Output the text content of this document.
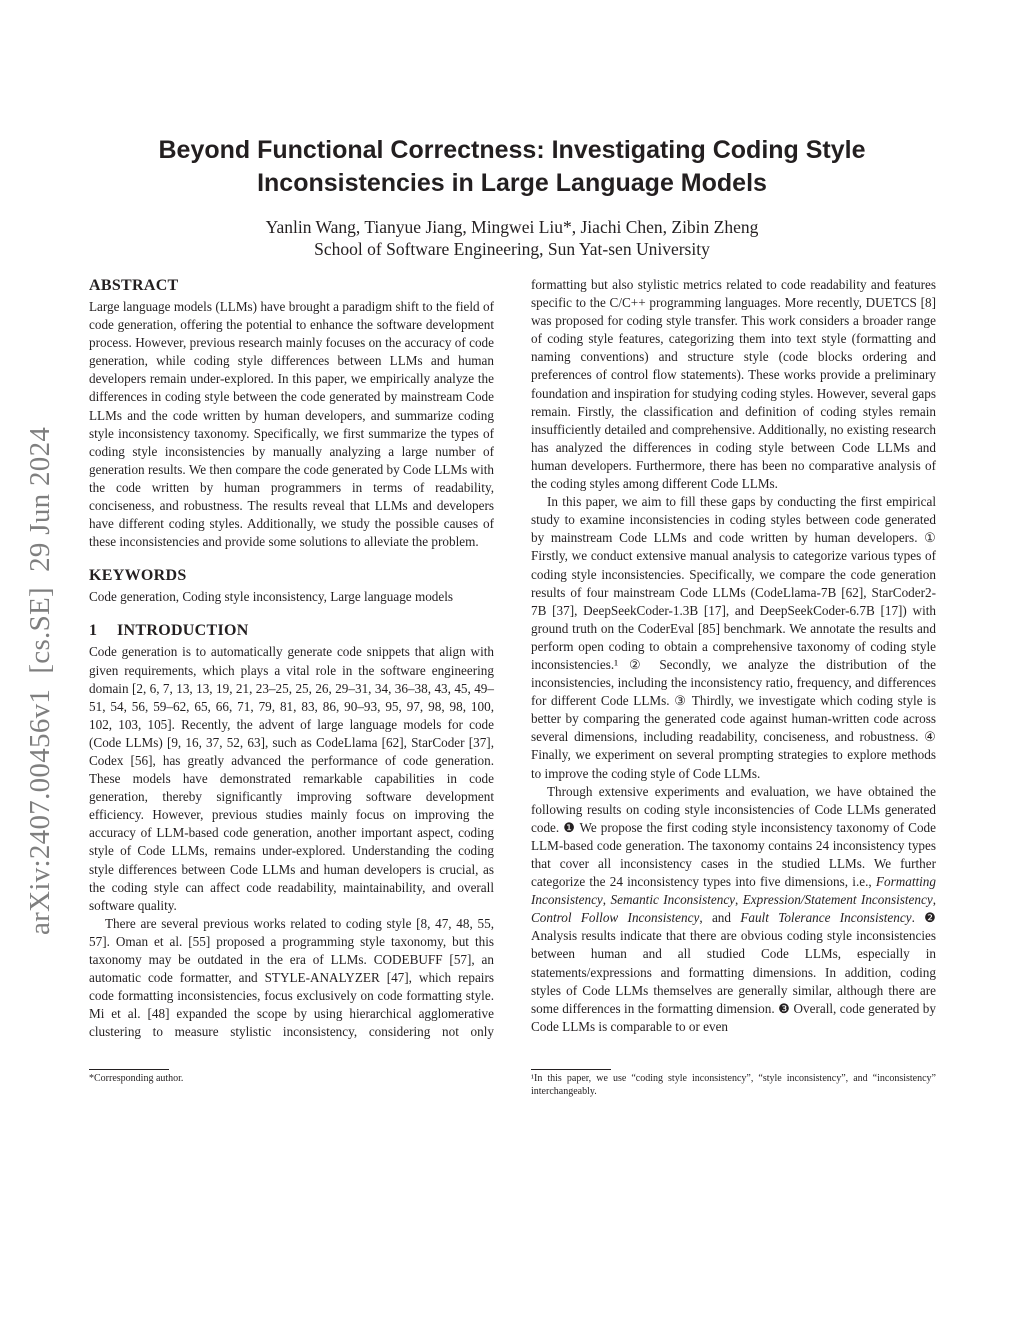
Beyond Functional Correctness: Investigating Coding Style
Inconsistencies in Large Language Models
Yanlin Wang, Tianyue Jiang, Mingwei Liu*, Jiachi Chen, Zibin Zheng
School of Software Engineering, Sun Yat-sen University
arXiv:2407.00456v1  [cs.SE]  29 Jun 2024
ABSTRACT

Large language models (LLMs) have brought a paradigm shift to the field of code generation, offering the potential to enhance the software development process. However, previous research mainly focuses on the accuracy of code generation, while coding style differences between LLMs and human developers remain under-explored. In this paper, we empirically analyze the differences in coding style between the code generated by mainstream Code LLMs and the code written by human developers, and summarize coding style inconsistency taxonomy. Specifically, we first summarize the types of coding style inconsistencies by manually analyzing a large number of generation results. We then compare the code generated by Code LLMs with the code written by human programmers in terms of readability, conciseness, and robustness. The results reveal that LLMs and developers have different coding styles. Additionally, we study the possible causes of these inconsistencies and provide some solutions to alleviate the problem.

KEYWORDS

Code generation, Coding style inconsistency, Large language models

1 INTRODUCTION

Code generation is to automatically generate code snippets that align with given requirements, which plays a vital role in the software engineering domain [2, 6, 7, 13, 13, 19, 21, 23–25, 25, 26, 29–31, 34, 36–38, 43, 45, 49–51, 54, 56, 59–62, 65, 66, 71, 79, 81, 83, 86, 90–93, 95, 97, 98, 98, 100, 102, 103, 105]. Recently, the advent of large language models for code (Code LLMs) [9, 16, 37, 52, 63], such as CodeLlama [62], StarCoder [37], Codex [56], has greatly advanced the performance of code generation. These models have demonstrated remarkable capabilities in code generation, thereby significantly improving software development efficiency. However, previous studies mainly focus on improving the accuracy of LLM-based code generation, another important aspect, coding style of Code LLMs, remains under-explored. Understanding the coding style differences between Code LLMs and human developers is crucial, as the coding style can affect code readability, maintainability, and overall software quality.

There are several previous works related to coding style [8, 47, 48, 55, 57]. Oman et al. [55] proposed a programming style taxonomy, but this taxonomy may be outdated in the era of LLMs. CODEBUFF [57], an automatic code formatter, and STYLE-ANALYZER [47], which repairs code formatting inconsistencies, focus exclusively on code formatting style. Mi et al. [48] expanded the scope by using hierarchical agglomerative clustering to measure stylistic inconsistency, considering not only formatting but also stylistic metrics related to code readability and features specific to the C/C++ programming languages. More recently, DUETCS [8] was proposed for coding style transfer. This work considers a broader range of coding style features, categorizing them into text style (formatting and naming conventions) and structure style (code blocks ordering and preferences of control flow statements). These works provide a preliminary foundation and inspiration for studying coding styles. However, several gaps remain. Firstly, the classification and definition of coding styles remain insufficiently detailed and comprehensive. Additionally, no existing research has analyzed the differences in coding style between Code LLMs and human developers. Furthermore, there has been no comparative analysis of the coding styles among different Code LLMs.

In this paper, we aim to fill these gaps by conducting the first empirical study to examine inconsistencies in coding styles between code generated by mainstream Code LLMs and code written by human developers. ① Firstly, we conduct extensive manual analysis to categorize various types of coding style inconsistencies. Specifically, we compare the code generation results of four mainstream Code LLMs (CodeLlama-7B [62], StarCoder2-7B [37], DeepSeekCoder-1.3B [17], and DeepSeekCoder-6.7B [17]) with ground truth on the CoderEval [85] benchmark. We annotate the results and perform open coding to obtain a comprehensive taxonomy of coding style inconsistencies.¹ ② Secondly, we analyze the distribution of the inconsistencies, including the inconsistency ratio, frequency, and differences for different Code LLMs. ③ Thirdly, we investigate which coding style is better by comparing the generated code against human-written code across several dimensions, including readability, conciseness, and robustness. ④ Finally, we experiment on several prompting strategies to explore methods to improve the coding style of Code LLMs.

Through extensive experiments and evaluation, we have obtained the following results on coding style inconsistencies of Code LLMs generated code. ❶ We propose the first coding style inconsistency taxonomy of Code LLM-based code generation. The taxonomy contains 24 inconsistency types that cover all inconsistency cases in the studied LLMs. We further categorize the 24 inconsistency types into five dimensions, i.e., Formatting Inconsistency, Semantic Inconsistency, Expression/Statement Inconsistency, Control Follow Inconsistency, and Fault Tolerance Inconsistency. ❷ Analysis results indicate that there are obvious coding style inconsistencies between human and all studied Code LLMs, especially in statements/expressions and formatting dimensions. In addition, coding styles of Code LLMs themselves are generally similar, although there are some differences in the formatting dimension. ❸ Overall, code generated by Code LLMs is comparable to or even

*Corresponding author.	¹In this paper, we use “coding style inconsistency”, “style inconsistency”, and “inconsistency” interchangeably.
